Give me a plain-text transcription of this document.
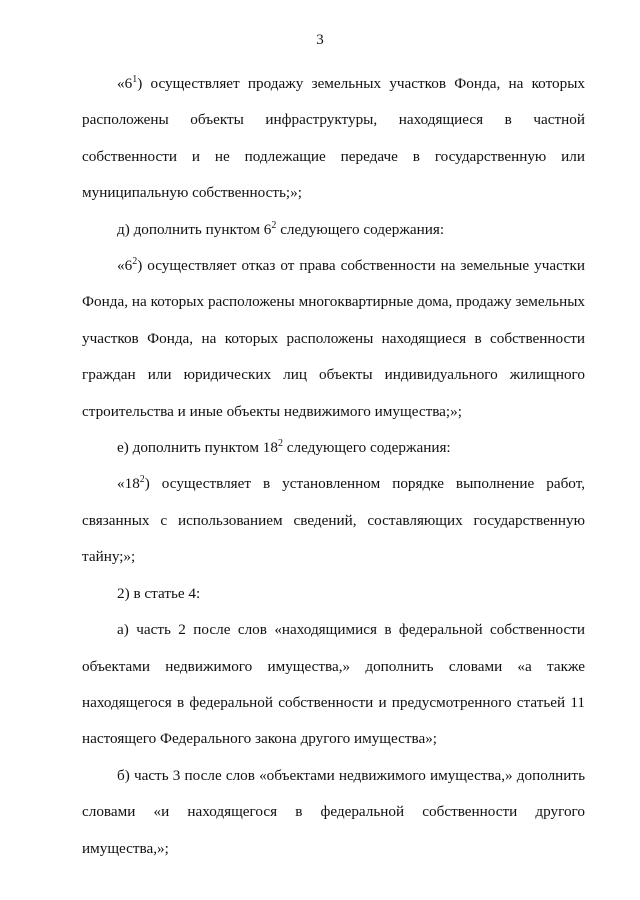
3

«$6^1$) осуществляет продажу земельных участков Фонда, на которых расположены объекты инфраструктуры, находящиеся в частной собственности и не подлежащие передаче в государственную или муниципальную собственность;»;

д) дополнить пунктом $6^2$ следующего содержания:

«$6^2$) осуществляет отказ от права собственности на земельные участки Фонда, на которых расположены многоквартирные дома, продажу земельных участков Фонда, на которых расположены находящиеся в собственности граждан или юридических лиц объекты индивидуального жилищного строительства и иные объекты недвижимого имущества;»;

е) дополнить пунктом $18^2$ следующего содержания:

«$18^2$) осуществляет в установленном порядке выполнение работ, связанных с использованием сведений, составляющих государственную тайну;»;

2) в статье 4:

а) часть 2 после слов «находящимися в федеральной собственности объектами недвижимого имущества,» дополнить словами «а также находящегося в федеральной собственности и предусмотренного статьей 11 настоящего Федерального закона другого имущества»;

б) часть 3 после слов «объектами недвижимого имущества,» дополнить словами «и находящегося в федеральной собственности другого имущества,»;
